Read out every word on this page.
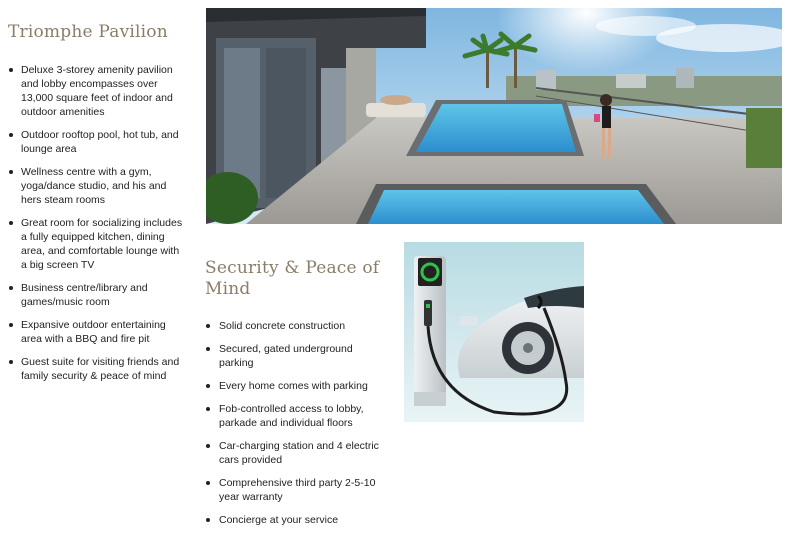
Triomphe Pavilion
Deluxe 3-storey amenity pavilion and lobby encompasses over 13,000 square feet of indoor and outdoor amenities
Outdoor rooftop pool, hot tub, and lounge area
Wellness centre with a gym, yoga/dance studio, and his and hers steam rooms
Great room for socializing includes a fully equipped kitchen, dining area, and comfortable lounge with a big screen TV
Business centre/library and games/music room
Expansive outdoor entertaining area with a BBQ and fire pit
Guest suite for visiting friends and family security & peace of mind
Security & Peace of Mind
Solid concrete construction
Secured, gated underground parking
Every home comes with parking
Fob-controlled access to lobby, parkade and individual floors
Car-charging station and 4 electric cars provided
Comprehensive third party 2-5-10 year warranty
Concierge at your service
